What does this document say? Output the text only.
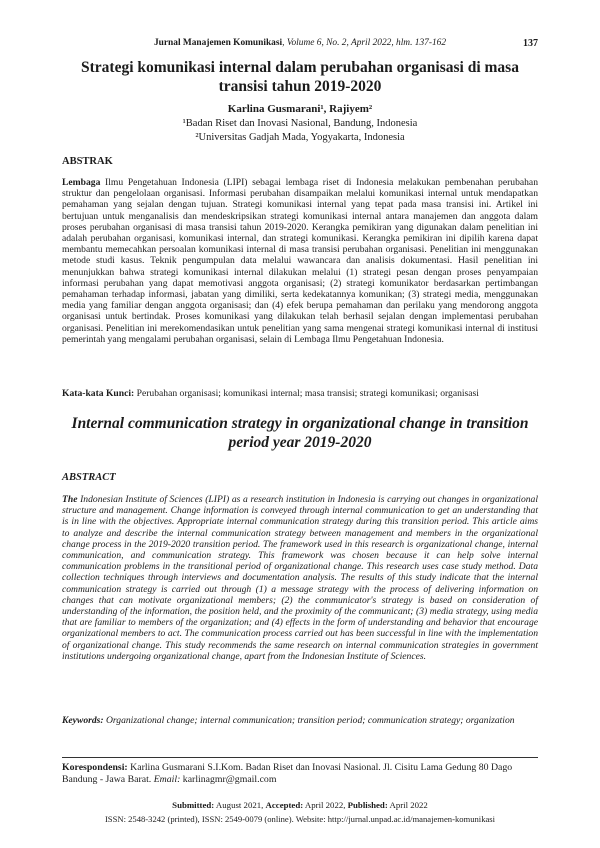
Jurnal Manajemen Komunikasi, Volume 6, No. 2, April 2022, hlm. 137-162	137
Strategi komunikasi internal dalam perubahan organisasi di masa transisi tahun 2019-2020
Karlina Gusmarani¹, Rajiyem²
¹Badan Riset dan Inovasi Nasional, Bandung, Indonesia
²Universitas Gadjah Mada, Yogyakarta, Indonesia
ABSTRAK
Lembaga Ilmu Pengetahuan Indonesia (LIPI) sebagai lembaga riset di Indonesia melakukan pembenahan perubahan struktur dan pengelolaan organisasi. Informasi perubahan disampaikan melalui komunikasi internal untuk mendapatkan pemahaman yang sejalan dengan tujuan. Strategi komunikasi internal yang tepat pada masa transisi ini. Artikel ini bertujuan untuk menganalisis dan mendeskripsikan strategi komunikasi internal antara manajemen dan anggota dalam proses perubahan organisasi di masa transisi tahun 2019-2020. Kerangka pemikiran yang digunakan dalam penelitian ini adalah perubahan organisasi, komunikasi internal, dan strategi komunikasi. Kerangka pemikiran ini dipilih karena dapat membantu memecahkan persoalan komunikasi internal di masa transisi perubahan organisasi. Penelitian ini menggunakan metode studi kasus. Teknik pengumpulan data melalui wawancara dan analisis dokumentasi. Hasil penelitian ini menunjukkan bahwa strategi komunikasi internal dilakukan melalui (1) strategi pesan dengan proses penyampaian informasi perubahan yang dapat memotivasi anggota organisasi; (2) strategi komunikator berdasarkan pertimbangan pemahaman terhadap informasi, jabatan yang dimiliki, serta kedekatannya komunikan; (3) strategi media, menggunakan media yang familiar dengan anggota organisasi; dan (4) efek berupa pemahaman dan perilaku yang mendorong anggota organisasi untuk bertindak. Proses komunikasi yang dilakukan telah berhasil sejalan dengan implementasi perubahan organisasi. Penelitian ini merekomendasikan untuk penelitian yang sama mengenai strategi komunikasi internal di institusi pemerintah yang mengalami perubahan organisasi, selain di Lembaga Ilmu Pengetahuan Indonesia.
Kata-kata Kunci: Perubahan organisasi; komunikasi internal; masa transisi; strategi komunikasi; organisasi
Internal communication strategy in organizational change in transition period year 2019-2020
ABSTRACT
The Indonesian Institute of Sciences (LIPI) as a research institution in Indonesia is carrying out changes in organizational structure and management. Change information is conveyed through internal communication to get an understanding that is in line with the objectives. Appropriate internal communication strategy during this transition period. This article aims to analyze and describe the internal communication strategy between management and members in the organizational change process in the 2019-2020 transition period. The framework used in this research is organizational change, internal communication, and communication strategy. This framework was chosen because it can help solve internal communication problems in the transitional period of organizational change. This research uses case study method. Data collection techniques through interviews and documentation analysis. The results of this study indicate that the internal communication strategy is carried out through (1) a message strategy with the process of delivering information on changes that can motivate organizational members; (2) the communicator's strategy is based on consideration of understanding of the information, the position held, and the proximity of the communicant; (3) media strategy, using media that are familiar to members of the organization; and (4) effects in the form of understanding and behavior that encourage organizational members to act. The communication process carried out has been successful in line with the implementation of organizational change. This study recommends the same research on internal communication strategies in government institutions undergoing organizational change, apart from the Indonesian Institute of Sciences.
Keywords: Organizational change; internal communication; transition period; communication strategy; organization
Korespondensi: Karlina Gusmarani S.I.Kom. Badan Riset dan Inovasi Nasional. Jl. Cisitu Lama Gedung 80 Dago Bandung - Jawa Barat. Email: karlinagmr@gmail.com
Submitted: August 2021, Accepted: April 2022, Published: April 2022
ISSN: 2548-3242 (printed), ISSN: 2549-0079 (online). Website: http://jurnal.unpad.ac.id/manajemen-komunikasi
